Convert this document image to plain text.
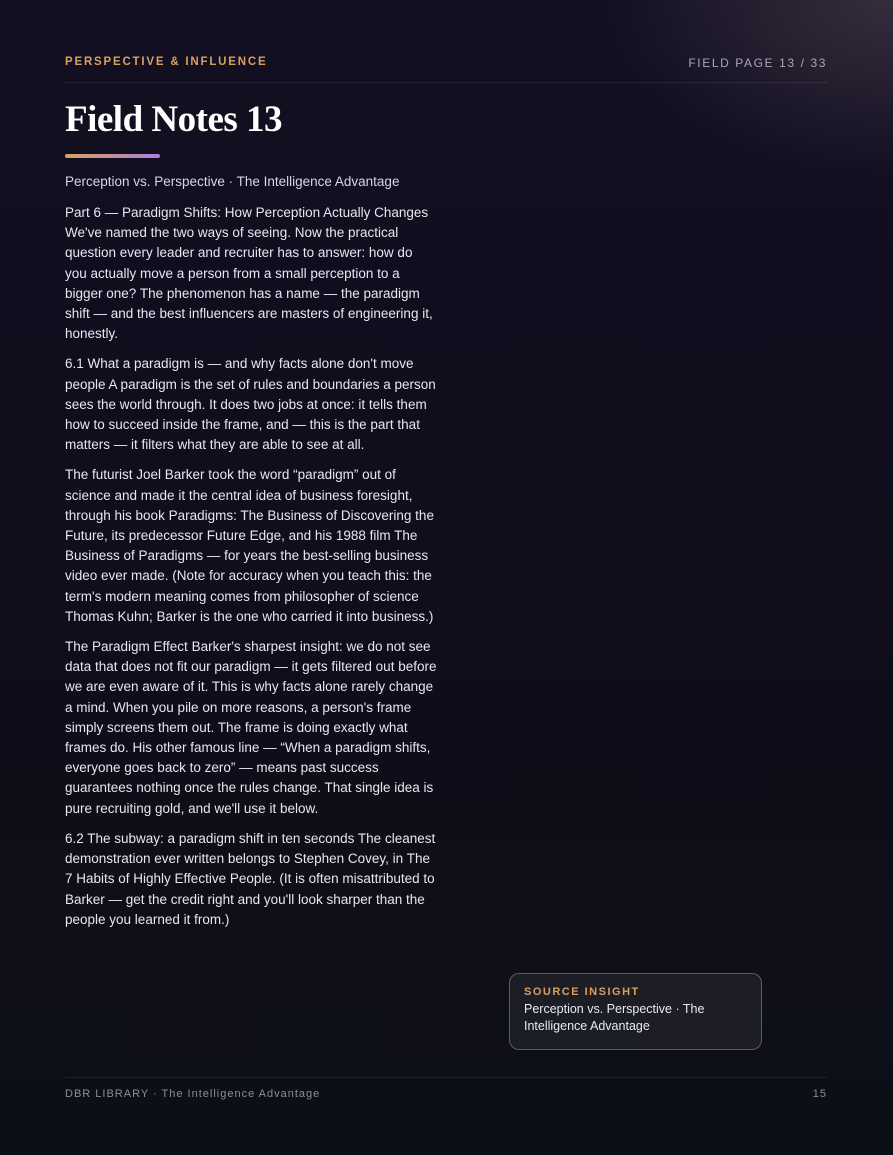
PERSPECTIVE & INFLUENCE	FIELD PAGE 13 / 33
Field Notes 13
Perception vs. Perspective · The Intelligence Advantage

Part 6 — Paradigm Shifts: How Perception Actually Changes We've named the two ways of seeing. Now the practical question every leader and recruiter has to answer: how do you actually move a person from a small perception to a bigger one? The phenomenon has a name — the paradigm shift — and the best influencers are masters of engineering it, honestly.

6.1 What a paradigm is — and why facts alone don't move people A paradigm is the set of rules and boundaries a person sees the world through. It does two jobs at once: it tells them how to succeed inside the frame, and — this is the part that matters — it filters what they are able to see at all.

The futurist Joel Barker took the word “paradigm” out of science and made it the central idea of business foresight, through his book Paradigms: The Business of Discovering the Future, its predecessor Future Edge, and his 1988 film The Business of Paradigms — for years the best-selling business video ever made. (Note for accuracy when you teach this: the term's modern meaning comes from philosopher of science Thomas Kuhn; Barker is the one who carried it into business.)

The Paradigm Effect Barker's sharpest insight: we do not see data that does not fit our paradigm — it gets filtered out before we are even aware of it. This is why facts alone rarely change a mind. When you pile on more reasons, a person's frame simply screens them out. The frame is doing exactly what frames do. His other famous line — “When a paradigm shifts, everyone goes back to zero” — means past success guarantees nothing once the rules change. That single idea is pure recruiting gold, and we'll use it below.

6.2 The subway: a paradigm shift in ten seconds The cleanest demonstration ever written belongs to Stephen Covey, in The 7 Habits of Highly Effective People. (It is often misattributed to Barker — get the credit right and you'll look sharper than the people you learned it from.)

SOURCE INSIGHT
Perception vs. Perspective · The Intelligence Advantage
DBR LIBRARY · The Intelligence Advantage	15
